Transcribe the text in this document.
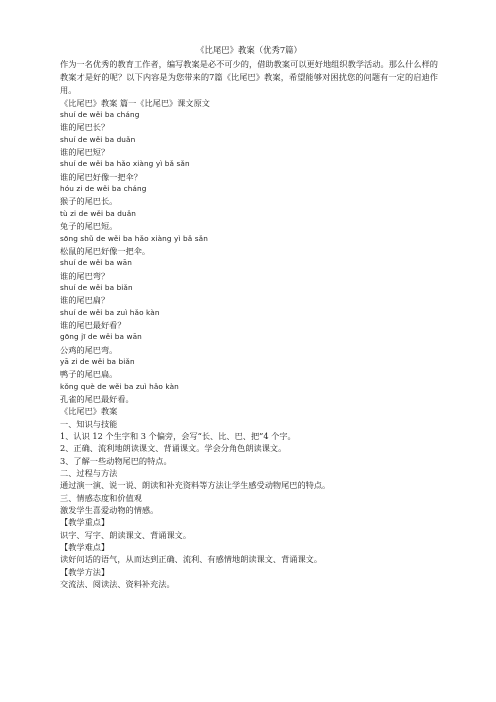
《比尾巴》教案（优秀7篇）
作为一名优秀的教育工作者，编写教案是必不可少的，借助教案可以更好地组织教学活动。那么什么样的教案才是好的呢？以下内容是为您带来的7篇《比尾巴》教案，希望能够对困扰您的问题有一定的启迪作用。
《比尾巴》教案 篇一《比尾巴》课文原文
shuí de wěi ba cháng
谁的尾巴长？
shuí de wěi ba duǎn
谁的尾巴短？
shuí de wěi ba hǎo xiàng yì bǎ sǎn
谁的尾巴好像一把伞？
hóu zi de wěi ba cháng
猴子的尾巴长。
tù zi de wěi ba duǎn
兔子的尾巴短。
sōng shǔ de wěi ba hǎo xiàng yì bǎ sǎn
松鼠的尾巴好像一把伞。
shuí de wěi ba wān
谁的尾巴弯？
shuí de wěi ba biǎn
谁的尾巴扁？
shuí de wěi ba zuì hǎo kàn
谁的尾巴最好看？
gōng jī de wěi ba wān
公鸡的尾巴弯。
yā zi de wěi ba biǎn
鸭子的尾巴扁。
kǒng què de wěi ba zuì hǎo kàn
孔雀的尾巴最好看。
《比尾巴》教案
一、知识与技能
1、认识 12 个生字和 3 个偏旁，会写“长、比、巴、把”4 个字。
2、正确、流利地朗读课文、背诵课文。学会分角色朗读课文。
3、了解一些动物尾巴的特点。
二、过程与方法
通过演一演、说一说、朗读和补充资料等方法让学生感受动物尾巴的特点。
三、情感态度和价值观
激发学生喜爱动物的情感。
【教学重点】
识字、写字、朗读课文、背诵课文。
【教学难点】
读好问话的语气，从而达到正确、流利、有感情地朗读课文、背诵课文。
【教学方法】
交流法、阅读法、资料补充法。
